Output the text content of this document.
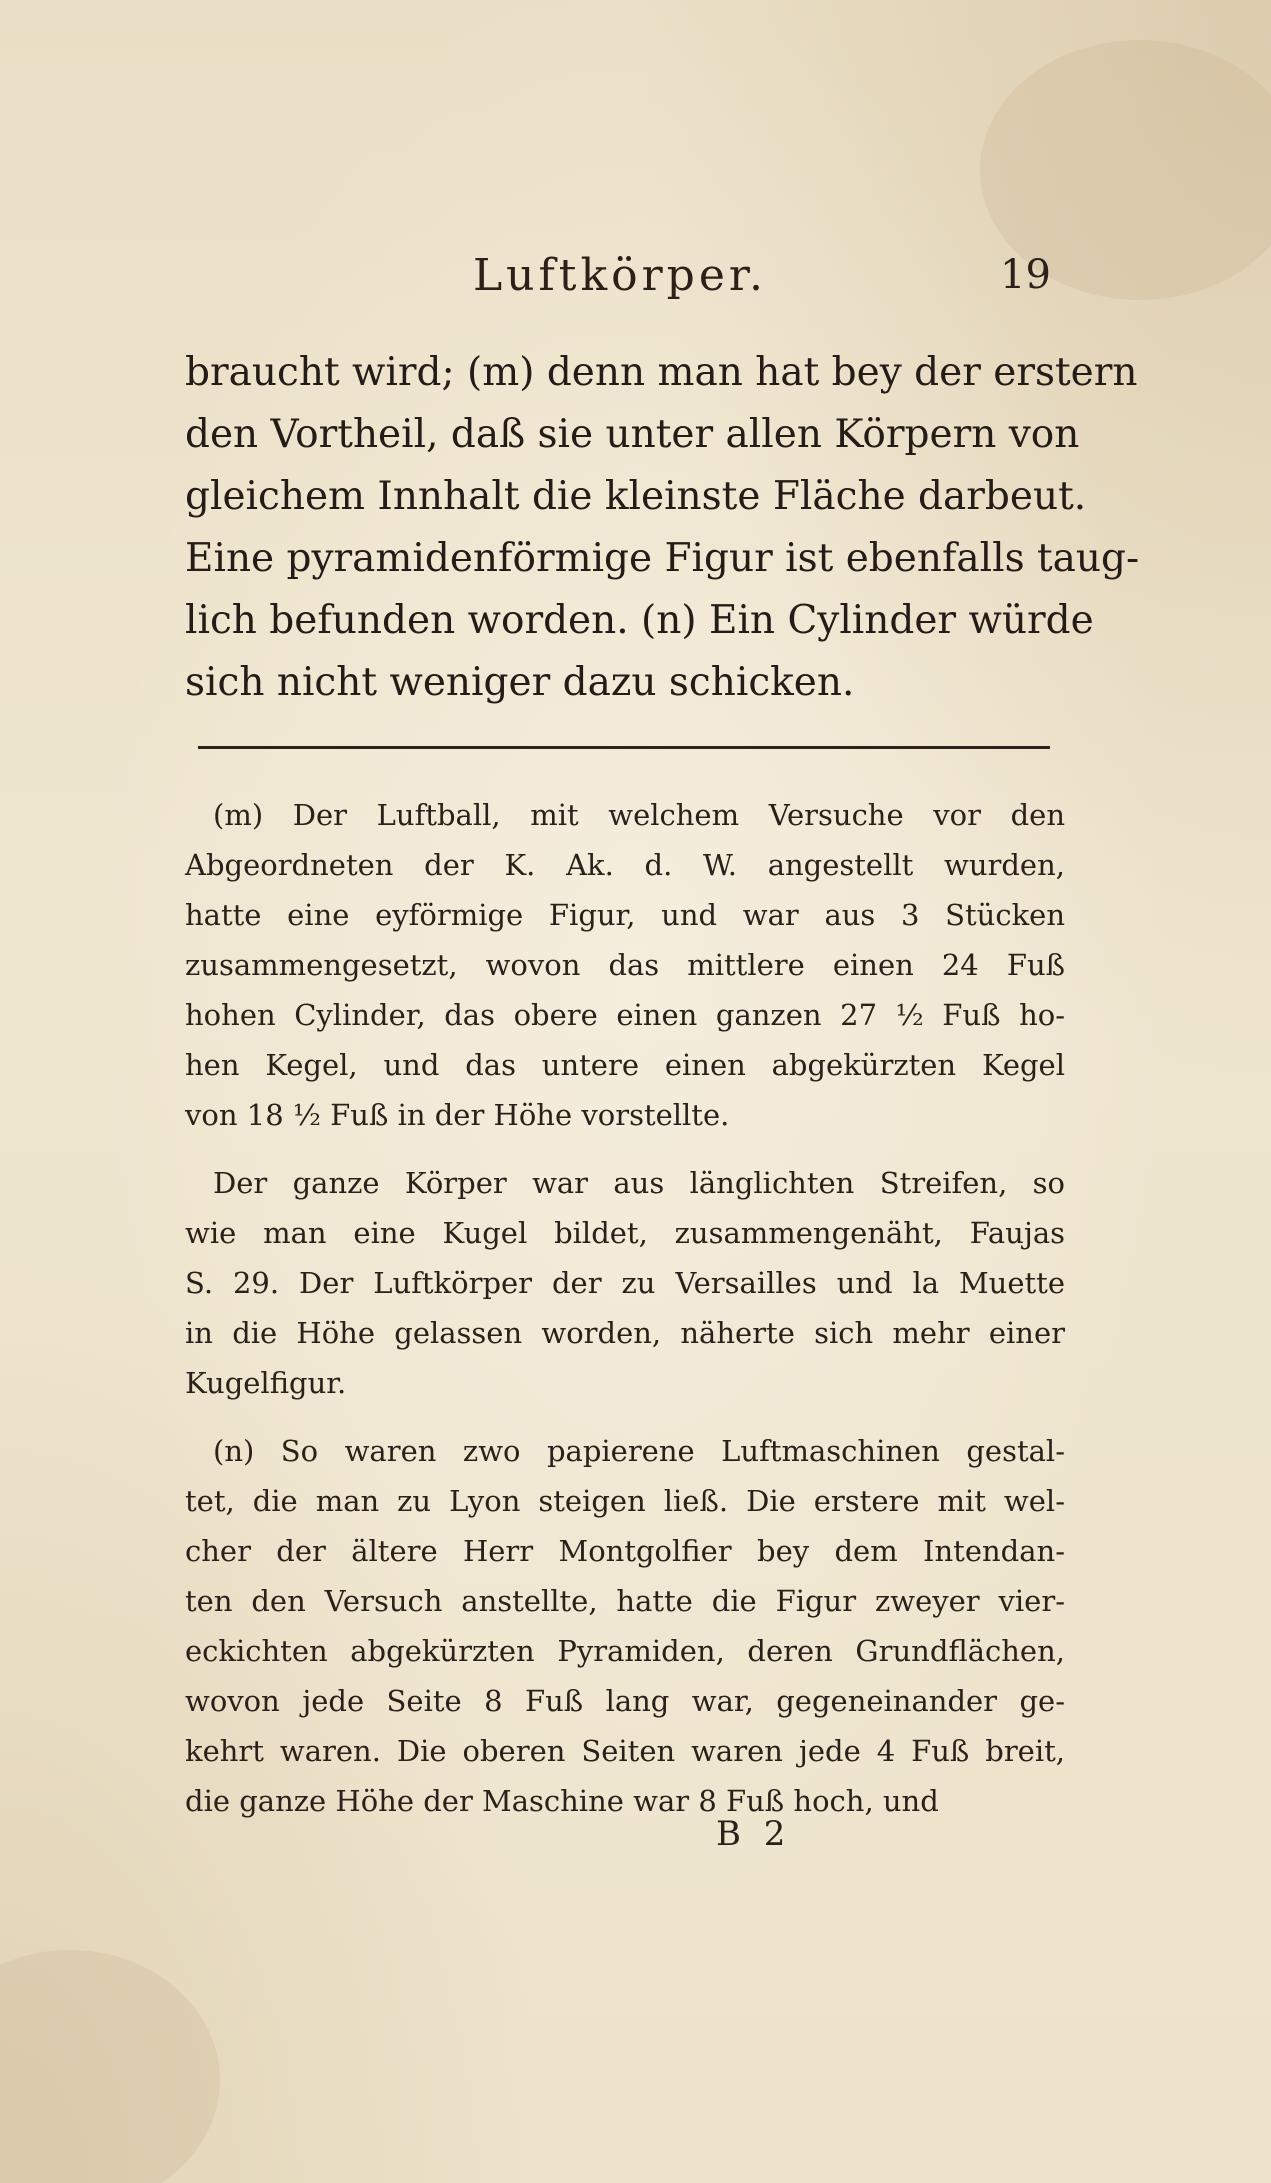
Luftkörper.	19
braucht wird; (m) denn man hat bey der erstern
den Vortheil, daß sie unter allen Körpern von
gleichem Innhalt die kleinste Fläche darbeut.
Eine pyramidenförmige Figur ist ebenfalls taug-
lich befunden worden. (n) Ein Cylinder würde
sich nicht weniger dazu schicken.
(m) Der Luftball, mit welchem Versuche vor den
Abgeordneten der K. Ak. d. W. angestellt wurden,
hatte eine eyförmige Figur, und war aus 3 Stücken
zusammengesetzt, wovon das mittlere einen 24 Fuß
hohen Cylinder, das obere einen ganzen 27 ½ Fuß ho-
hen Kegel, und das untere einen abgekürzten Kegel
von 18 ½ Fuß in der Höhe vorstellte.
Der ganze Körper war aus länglichten Streifen, so
wie man eine Kugel bildet, zusammengenäht, Faujas
S. 29. Der Luftkörper der zu Versailles und la Muette
in die Höhe gelassen worden, näherte sich mehr einer
Kugelfigur.
(n) So waren zwo papierene Luftmaschinen gestal-
tet, die man zu Lyon steigen ließ. Die erstere mit wel-
cher der ältere Herr Montgolfier bey dem Intendan-
ten den Versuch anstellte, hatte die Figur zweyer vier-
eckichten abgekürzten Pyramiden, deren Grundflächen,
wovon jede Seite 8 Fuß lang war, gegeneinander ge-
kehrt waren. Die oberen Seiten waren jede 4 Fuß breit,
die ganze Höhe der Maschine war 8 Fuß hoch, und
B 2
